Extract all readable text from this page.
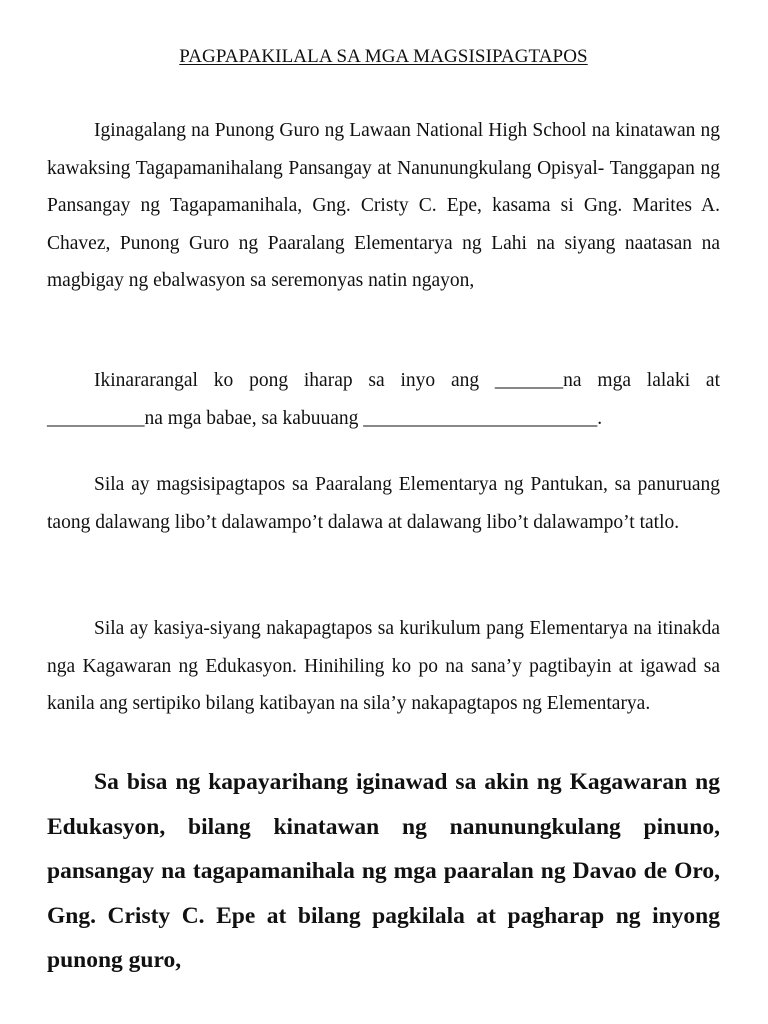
PAGPAPAKILALA SA MGA MAGSISIPAGTAPOS

Iginagalang na Punong Guro ng Lawaan National High School na kinatawan ng kawaksing Tagapamanihalang Pansangay at Nanunungkulang Opisyal- Tanggapan ng Pansangay ng Tagapamanihala, Gng. Cristy C. Epe, kasama si Gng. Marites A. Chavez, Punong Guro ng Paaralang Elementarya ng Lahi na siyang naatasan na magbigay ng ebalwasyon sa seremonyas natin ngayon,

Ikinararangal ko pong iharap sa inyo ang _______na mga lalaki at __________na mga babae, sa kabuuang ________________________.

Sila ay magsisipagtapos sa Paaralang Elementarya ng Pantukan, sa panuruang taong dalawang libo’t dalawampo’t dalawa at dalawang libo’t dalawampo’t tatlo.

Sila ay kasiya-siyang nakapagtapos sa kurikulum pang Elementarya na itinakda nga Kagawaran ng Edukasyon. Hinihiling ko po na sana’y pagtibayin at igawad sa kanila ang sertipiko bilang katibayan na sila’y nakapagtapos ng Elementarya.

Sa bisa ng kapayarihang iginawad sa akin ng Kagawaran ng Edukasyon, bilang kinatawan ng nanunungkulang pinuno, pansangay na tagapamanihala ng mga paaralan ng Davao de Oro, Gng. Cristy C. Epe at bilang pagkilala at pagharap ng inyong punong guro,
